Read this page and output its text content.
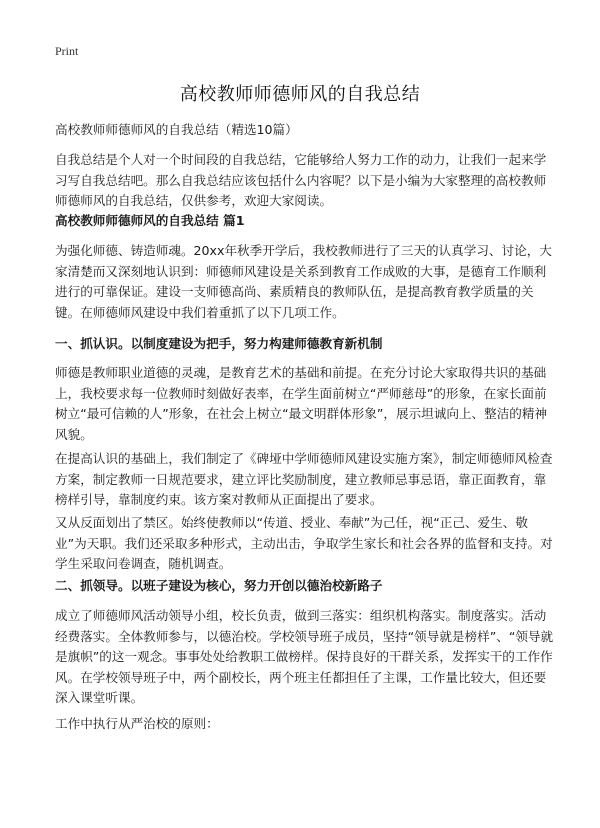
Print
高校教师师德师风的自我总结
高校教师师德师风的自我总结（精选10篇）
自我总结是个人对一个时间段的自我总结，它能够给人努力工作的动力，让我们一起来学习写自我总结吧。那么自我总结应该包括什么内容呢？以下是小编为大家整理的高校教师师德师风的自我总结，仅供参考，欢迎大家阅读。
高校教师师德师风的自我总结 篇1
为强化师德、铸造师魂。20xx年秋季开学后，我校教师进行了三天的认真学习、讨论，大家清楚而又深刻地认识到：师德师风建设是关系到教育工作成败的大事，是德育工作顺利进行的可靠保证。建设一支师德高尚、素质精良的教师队伍，是提高教育教学质量的关键。在师德师风建设中我们着重抓了以下几项工作。
一、抓认识。以制度建设为把手，努力构建师德教育新机制
师德是教师职业道德的灵魂，是教育艺术的基础和前提。在充分讨论大家取得共识的基础上，我校要求每一位教师时刻做好表率，在学生面前树立“严师慈母”的形象，在家长面前树立“最可信赖的人”形象，在社会上树立“最文明群体形象”，展示坦诚向上、整洁的精神风貌。
在提高认识的基础上，我们制定了《碑垭中学师德师风建设实施方案》，制定师德师风检查方案，制定教师一日规范要求，建立评比奖励制度，建立教师忌事忌语，靠正面教育，靠榜样引导，靠制度约束。该方案对教师从正面提出了要求。
又从反面划出了禁区。始终使教师以“传道、授业、奉献”为己任，视“正己、爱生、敬业”为天职。我们还采取多种形式，主动出击，争取学生家长和社会各界的监督和支持。对学生采取问卷调查，随机调查。
二、抓领导。以班子建设为核心，努力开创以德治校新路子
成立了师德师风活动领导小组，校长负责，做到三落实：组织机构落实。制度落实。活动经费落实。全体教师参与，以德治校。学校领导班子成员，坚持“领导就是榜样”、“领导就是旗帜”的这一观念。事事处处给教职工做榜样。保持良好的干群关系，发挥实干的工作作风。在学校领导班子中，两个副校长，两个班主任都担任了主课，工作量比较大，但还要深入课堂听课。
工作中执行从严治校的原则：
